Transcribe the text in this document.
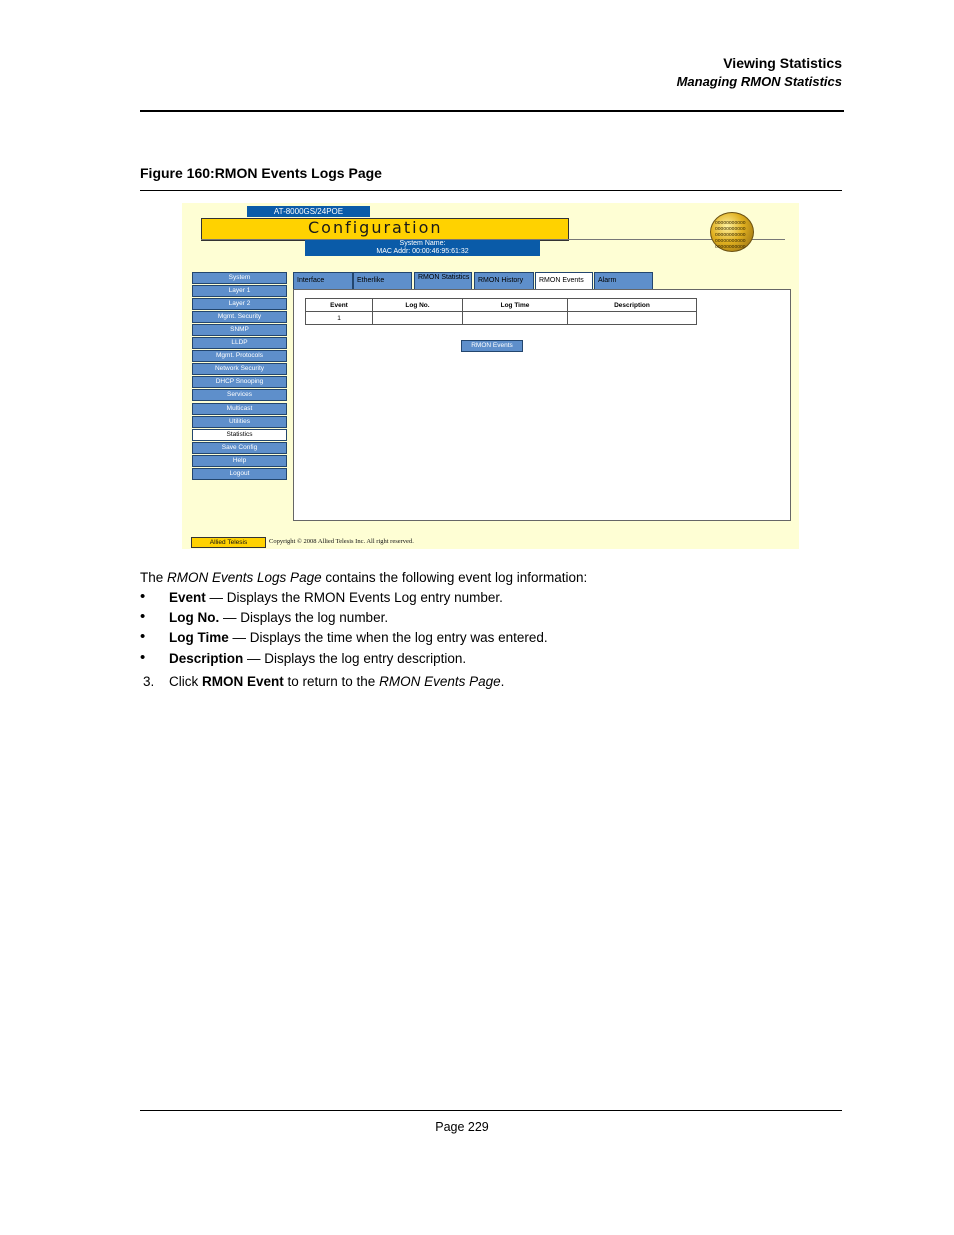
Viewing Statistics
Managing RMON Statistics
Figure 160:RMON Events Logs Page
AT-8000GS/24POE
Configuration
System Name:
MAC Addr: 00:00:46:95:61:32
ooooooooooooooooooooooooooooooooooooooooooooooooooooooo
System
Layer 1
Layer 2
Mgmt. Security
SNMP
LLDP
Mgmt. Protocols
Network Security
DHCP Snooping
Services
Multicast
Utilities
Statistics
Save Config
Help
Logout
Interface	Etherlike	RMON Statistics	RMON History	RMON Events	Alarm
Event	Log No.	Log Time	Description
1			
RMON Events
Allied Telesis	Copyright © 2008 Allied Telesis Inc. All right reserved.
The RMON Events Logs Page contains the following event log information:
• Event — Displays the RMON Events Log entry number.
• Log No. — Displays the log number.
• Log Time — Displays the time when the log entry was entered.
• Description — Displays the log entry description.
3. Click RMON Event to return to the RMON Events Page.
Page 229
